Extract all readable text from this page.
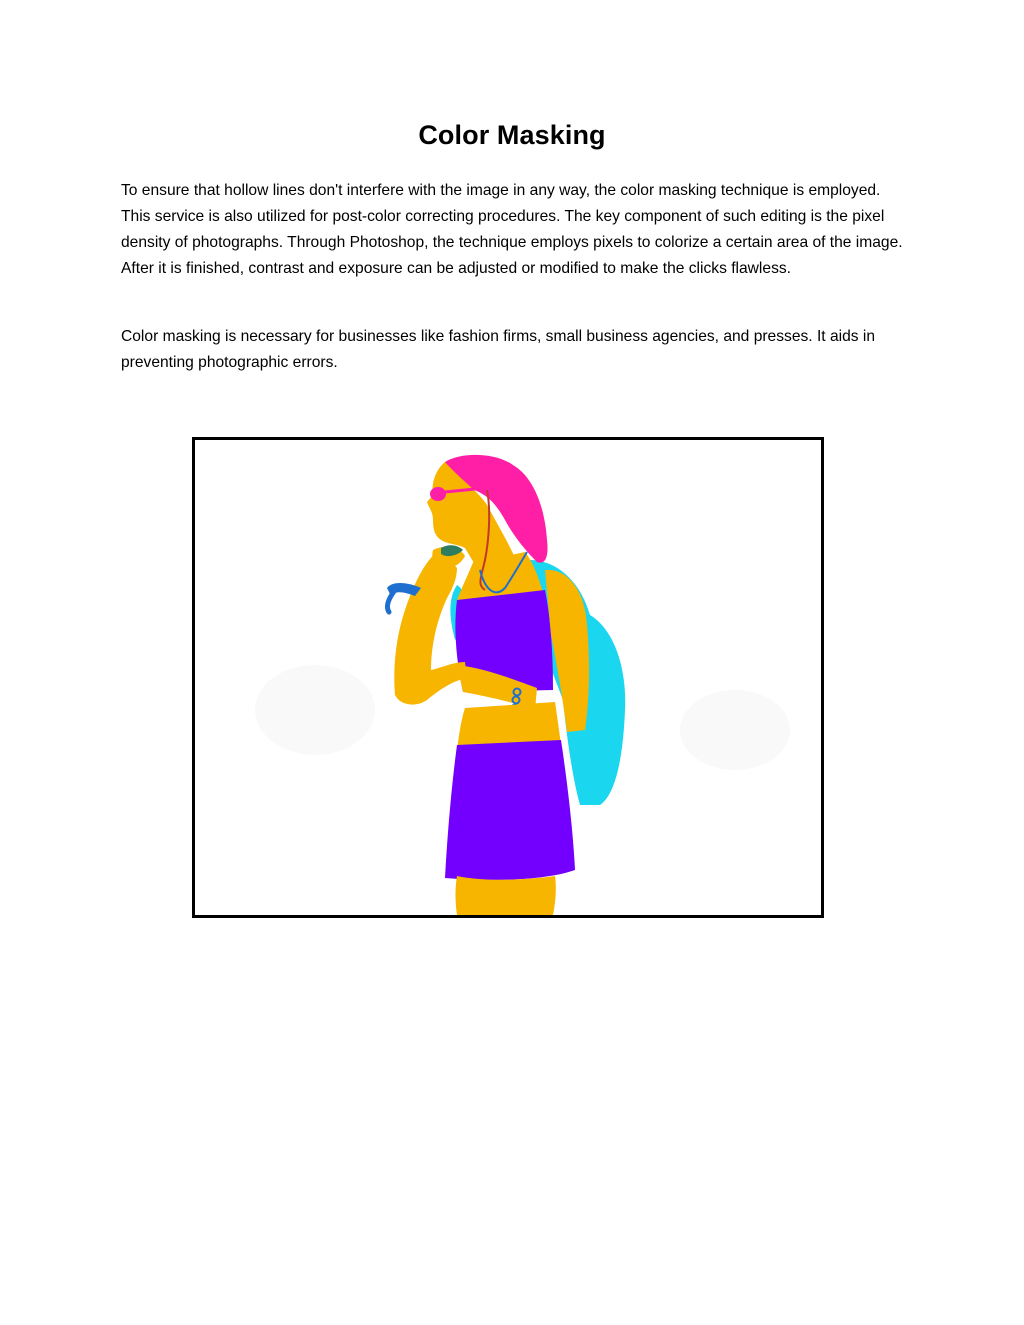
Color Masking

To ensure that hollow lines don't interfere with the image in any way, the color masking technique is employed. This service is also utilized for post-color correcting procedures. The key component of such editing is the pixel density of photographs. Through Photoshop, the technique employs pixels to colorize a certain area of the image. After it is finished, contrast and exposure can be adjusted or modified to make the clicks flawless.

Color masking is necessary for businesses like fashion firms, small business agencies, and presses. It aids in preventing photographic errors.
